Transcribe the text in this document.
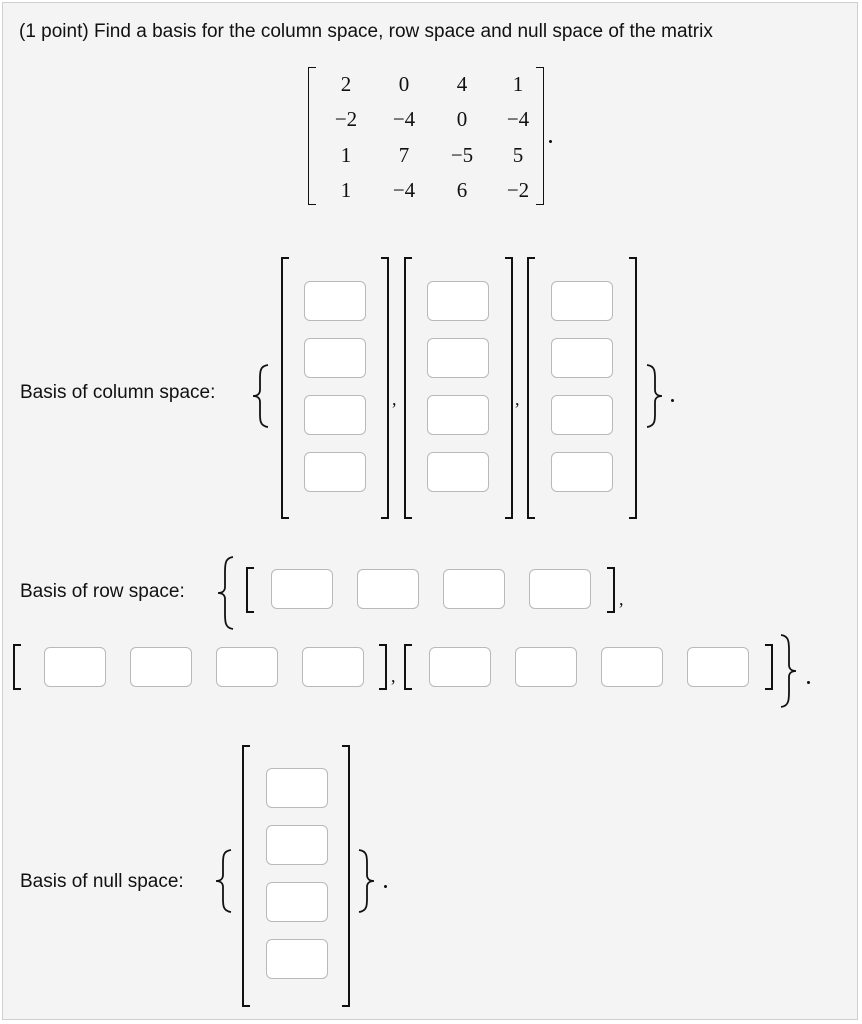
(1 point) Find a basis for the column space, row space and null space of the matrix
2	0	4	1
−2	−4	0	−4
1	7	−5	5
1	−4	6	−2
Basis of column space:	,	,
Basis of row space:	,
,
Basis of null space:
